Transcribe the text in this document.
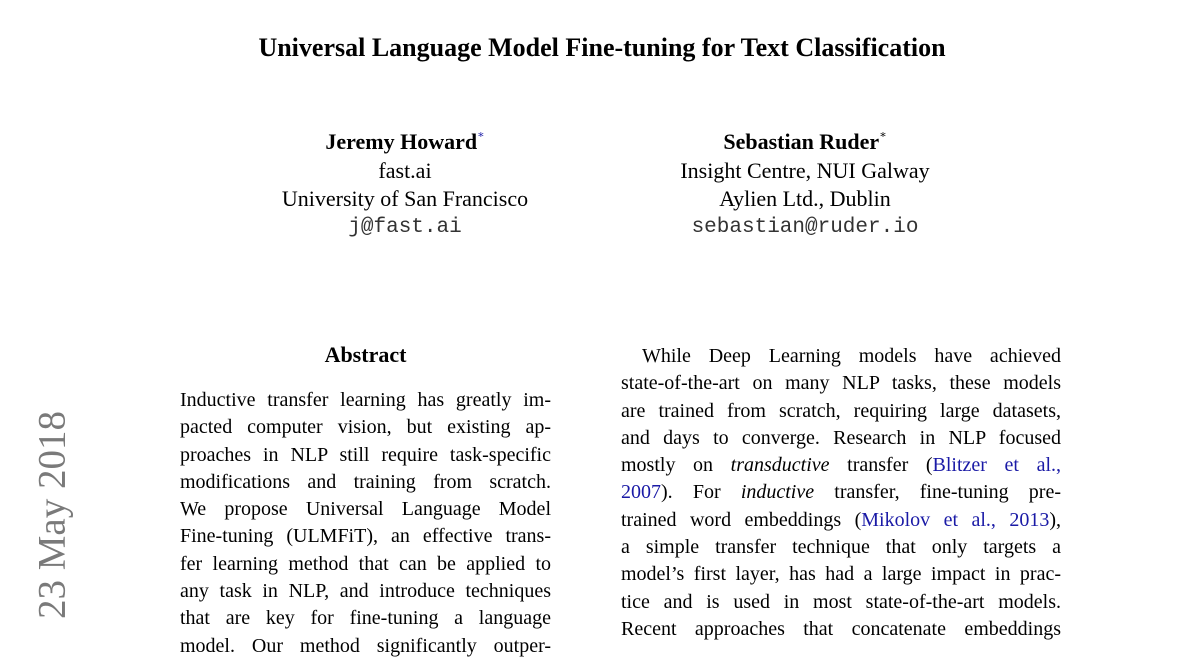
Universal Language Model Fine-tuning for Text Classification
Jeremy Howard∗
fast.ai
University of San Francisco
j@fast.ai
Sebastian Ruder∗
Insight Centre, NUI Galway
Aylien Ltd., Dublin
sebastian@ruder.io
23 May 2018
Abstract
Inductive transfer learning has greatly im-
pacted computer vision, but existing ap-
proaches in NLP still require task-specific
modifications and training from scratch.
We propose Universal Language Model
Fine-tuning (ULMFiT), an effective trans-
fer learning method that can be applied to
any task in NLP, and introduce techniques
that are key for fine-tuning a language
model. Our method significantly outper-
While Deep Learning models have achieved
state-of-the-art on many NLP tasks, these models
are trained from scratch, requiring large datasets,
and days to converge. Research in NLP focused
mostly on transductive transfer (Blitzer et al.,
2007). For inductive transfer, fine-tuning pre-
trained word embeddings (Mikolov et al., 2013),
a simple transfer technique that only targets a
model’s first layer, has had a large impact in prac-
tice and is used in most state-of-the-art models.
Recent approaches that concatenate embeddings
